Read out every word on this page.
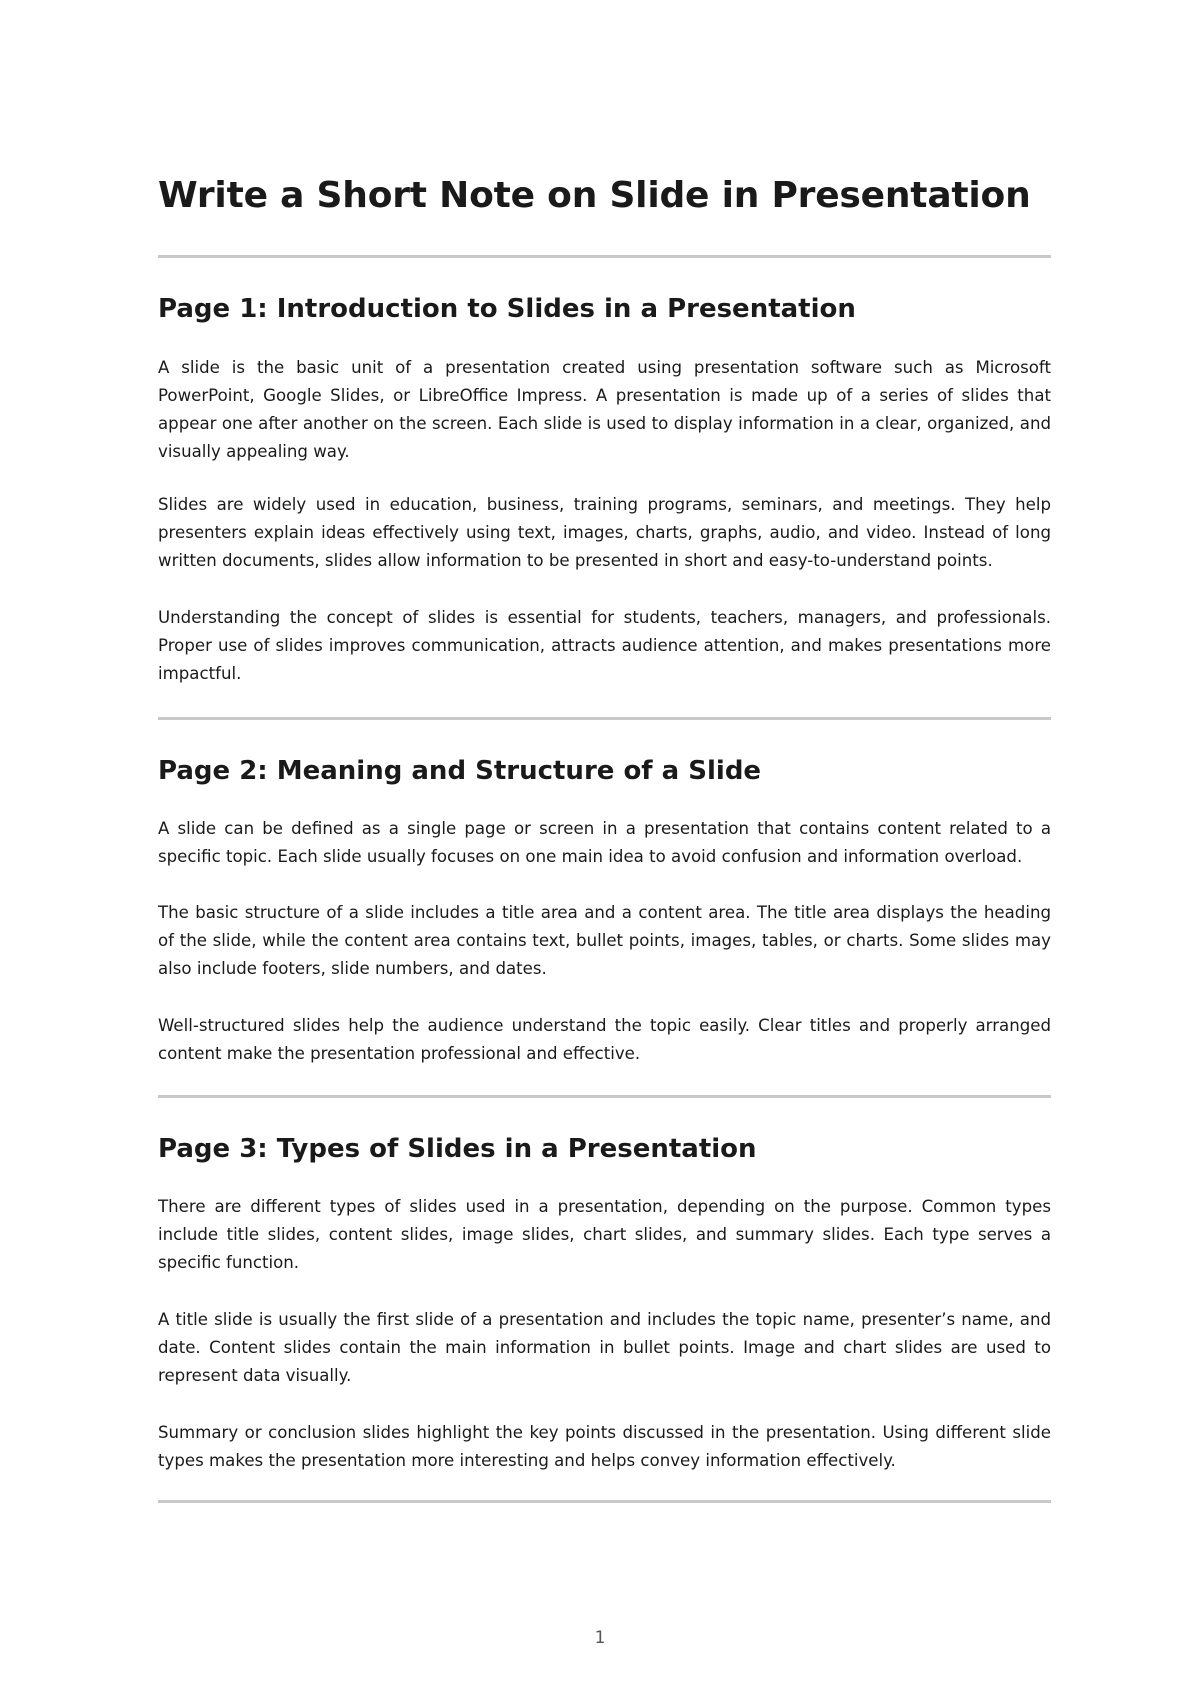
Write a Short Note on Slide in Presentation
Page 1: Introduction to Slides in a Presentation

A slide is the basic unit of a presentation created using presentation software such as Microsoft PowerPoint, Google Slides, or LibreOffice Impress. A presentation is made up of a series of slides that appear one after another on the screen. Each slide is used to display information in a clear, organized, and visually appealing way.

Slides are widely used in education, business, training programs, seminars, and meetings. They help presenters explain ideas effectively using text, images, charts, graphs, audio, and video. Instead of long written documents, slides allow information to be presented in short and easy-to-understand points.

Understanding the concept of slides is essential for students, teachers, managers, and professionals. Proper use of slides improves communication, attracts audience attention, and makes presentations more impactful.

Page 2: Meaning and Structure of a Slide

A slide can be defined as a single page or screen in a presentation that contains content related to a specific topic. Each slide usually focuses on one main idea to avoid confusion and information overload.

The basic structure of a slide includes a title area and a content area. The title area displays the heading of the slide, while the content area contains text, bullet points, images, tables, or charts. Some slides may also include footers, slide numbers, and dates.

Well-structured slides help the audience understand the topic easily. Clear titles and properly arranged content make the presentation professional and effective.

Page 3: Types of Slides in a Presentation

There are different types of slides used in a presentation, depending on the purpose. Common types include title slides, content slides, image slides, chart slides, and summary slides. Each type serves a specific function.

A title slide is usually the first slide of a presentation and includes the topic name, presenter’s name, and date. Content slides contain the main information in bullet points. Image and chart slides are used to represent data visually.

Summary or conclusion slides highlight the key points discussed in the presentation. Using different slide types makes the presentation more interesting and helps convey information effectively.

1
